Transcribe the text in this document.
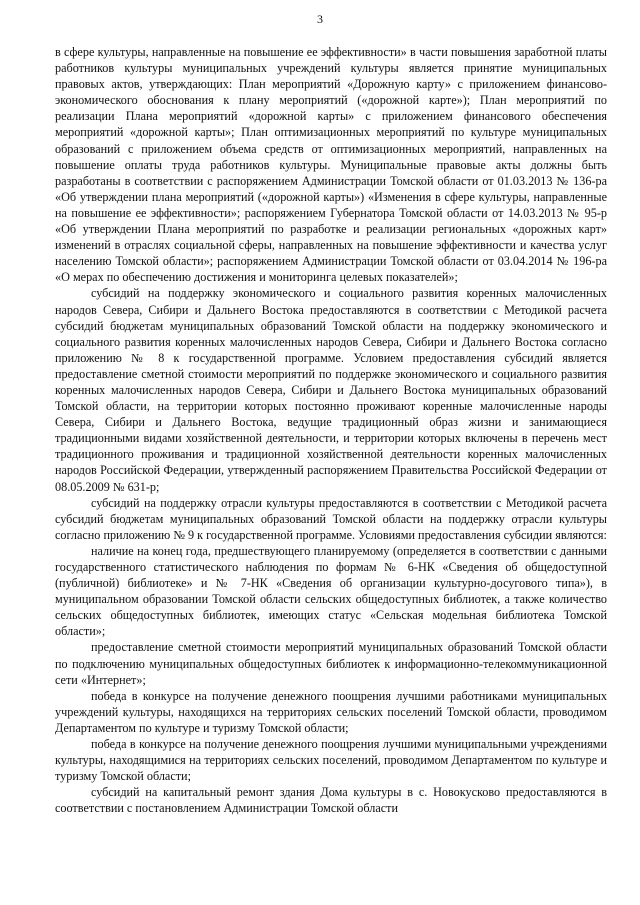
3

в сфере культуры, направленные на повышение ее эффективности» в части повышения заработной платы работников культуры муниципальных учреждений культуры является принятие муниципальных правовых актов, утверждающих: План мероприятий «Дорожную карту» с приложением финансово-экономического обоснования к плану мероприятий («дорожной карте»); План мероприятий по реализации Плана мероприятий «дорожной карты» с приложением финансового обеспечения мероприятий «дорожной карты»; План оптимизационных мероприятий по культуре муниципальных образований с приложением объема средств от оптимизационных мероприятий, направленных на повышение оплаты труда работников культуры. Муниципальные правовые акты должны быть разработаны в соответствии с распоряжением Администрации Томской области от 01.03.2013 № 136-ра «Об утверждении плана мероприятий («дорожной карты») «Изменения в сфере культуры, направленные на повышение ее эффективности»; распоряжением Губернатора Томской области от 14.03.2013 № 95-р «Об утверждении Плана мероприятий по разработке и реализации региональных «дорожных карт» изменений в отраслях социальной сферы, направленных на повышение эффективности и качества услуг населению Томской области»; распоряжением Администрации Томской области от 03.04.2014 № 196-ра «О мерах по обеспечению достижения и мониторинга целевых показателей»;

субсидий на поддержку экономического и социального развития коренных малочисленных народов Севера, Сибири и Дальнего Востока предоставляются в соответствии с Методикой расчета субсидий бюджетам муниципальных образований Томской области на поддержку экономического и социального развития коренных малочисленных народов Севера, Сибири и Дальнего Востока согласно приложению № 8 к государственной программе. Условием предоставления субсидий является предоставление сметной стоимости мероприятий по поддержке экономического и социального развития коренных малочисленных народов Севера, Сибири и Дальнего Востока муниципальных образований Томской области, на территории которых постоянно проживают коренные малочисленные народы Севера, Сибири и Дальнего Востока, ведущие традиционный образ жизни и занимающиеся традиционными видами хозяйственной деятельности, и территории которых включены в перечень мест традиционного проживания и традиционной хозяйственной деятельности коренных малочисленных народов Российской Федерации, утвержденный распоряжением Правительства Российской Федерации от 08.05.2009 № 631-р;

субсидий на поддержку отрасли культуры предоставляются в соответствии с Методикой расчета субсидий бюджетам муниципальных образований Томской области на поддержку отрасли культуры согласно приложению № 9 к государственной программе. Условиями предоставления субсидии являются:

наличие на конец года, предшествующего планируемому (определяется в соответствии с данными государственного статистического наблюдения по формам № 6-НК «Сведения об общедоступной (публичной) библиотеке» и № 7-НК «Сведения об организации культурно-досугового типа»), в муниципальном образовании Томской области сельских общедоступных библиотек, а также количество сельских общедоступных библиотек, имеющих статус «Сельская модельная библиотека Томской области»;

предоставление сметной стоимости мероприятий муниципальных образований Томской области по подключению муниципальных общедоступных библиотек к информационно-телекоммуникационной сети «Интернет»;

победа в конкурсе на получение денежного поощрения лучшими работниками муниципальных учреждений культуры, находящихся на территориях сельских поселений Томской области, проводимом Департаментом по культуре и туризму Томской области;

победа в конкурсе на получение денежного поощрения лучшими муниципальными учреждениями культуры, находящимися на территориях сельских поселений, проводимом Департаментом по культуре и туризму Томской области;

субсидий на капитальный ремонт здания Дома культуры в с. Новокусково предоставляются в соответствии с постановлением Администрации Томской области
